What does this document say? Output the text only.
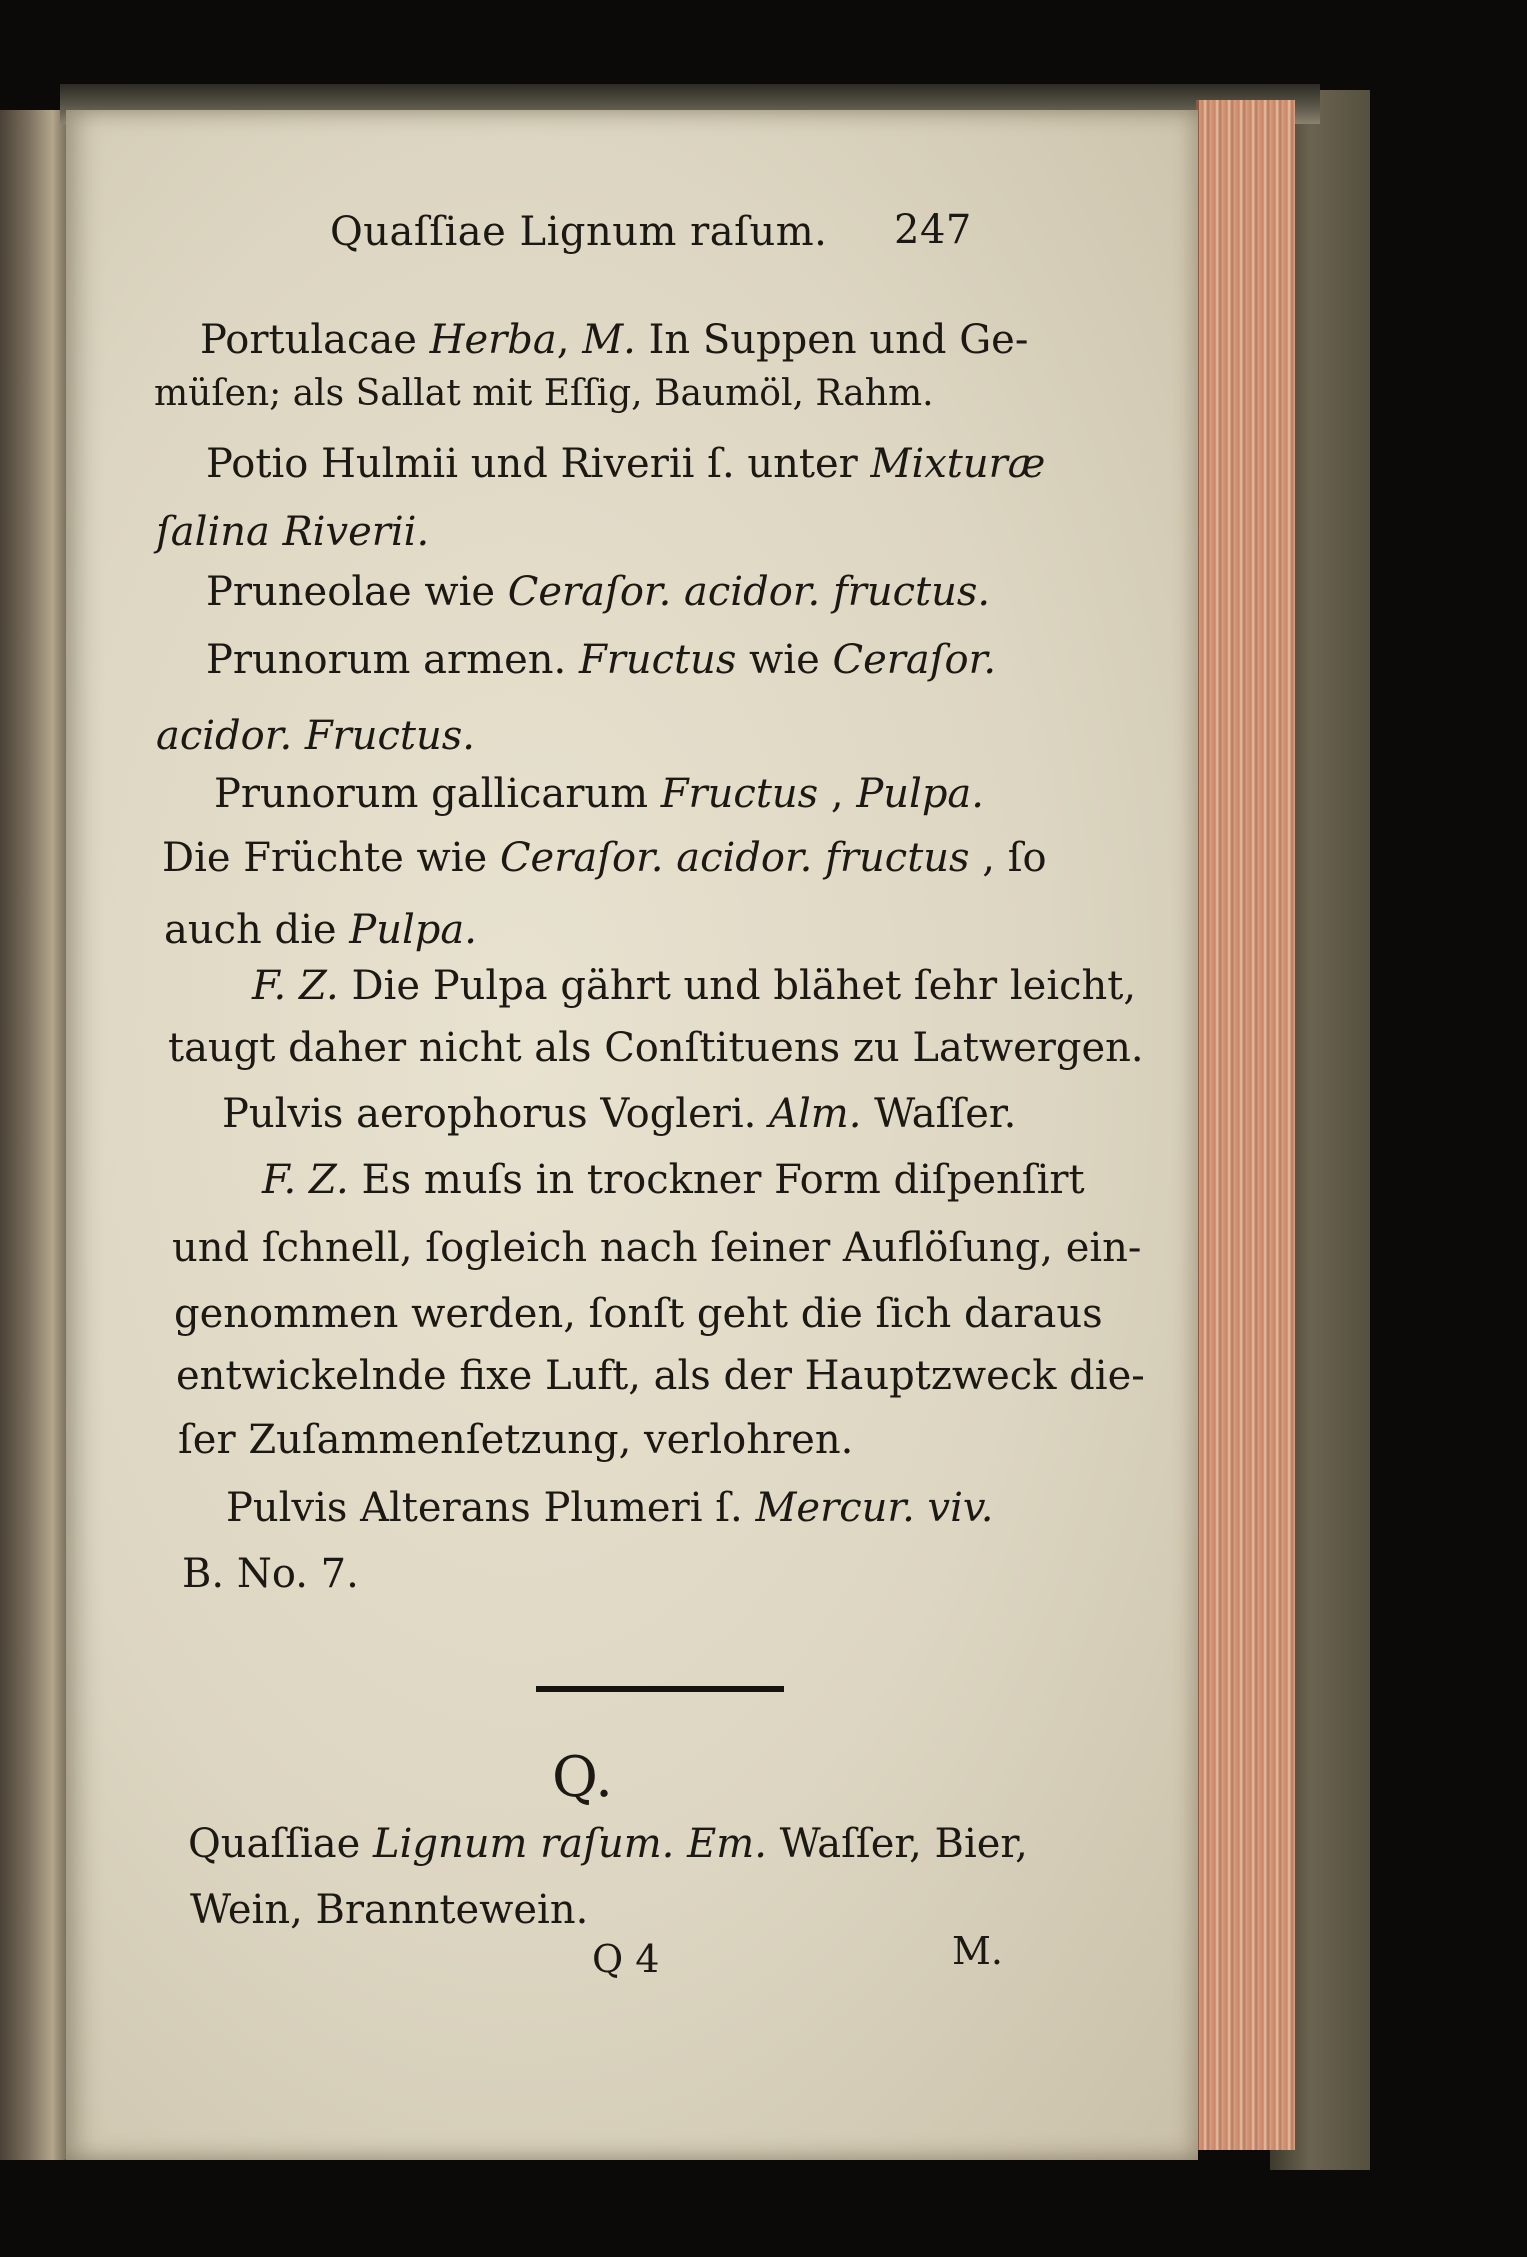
Quaſſiae Lignum raſum. 247

Portulacae Herba, M. In Suppen und Ge-

müſen; als Sallat mit Eſſig, Baumöl, Rahm.

Potio Hulmii und Riverii ſ. unter Mixturæ

ſalina Riverii.

Pruneolae wie Ceraſor. acidor. fructus.

Prunorum armen. Fructus wie Ceraſor.

acidor. Fructus.

Prunorum gallicarum Fructus , Pulpa.

Die Früchte wie Ceraſor. acidor. fructus , ſo

auch die Pulpa.

F. Z. Die Pulpa gährt und blähet ſehr leicht,

taugt daher nicht als Conſtituens zu Latwergen.

Pulvis aerophorus Vogleri. Alm. Waſſer.

F. Z. Es muſs in trockner Form diſpenſirt

und ſchnell, ſogleich nach ſeiner Auflöſung, ein-

genommen werden, ſonſt geht die ſich daraus

entwickelnde fixe Luft, als der Hauptzweck die-

ſer Zuſammenſetzung, verlohren.

Pulvis Alterans Plumeri ſ. Mercur. viv.

B. No. 7.

Q.

Quaſſiae Lignum raſum. Em. Waſſer, Bier,

Wein, Branntewein.

Q 4	M.
